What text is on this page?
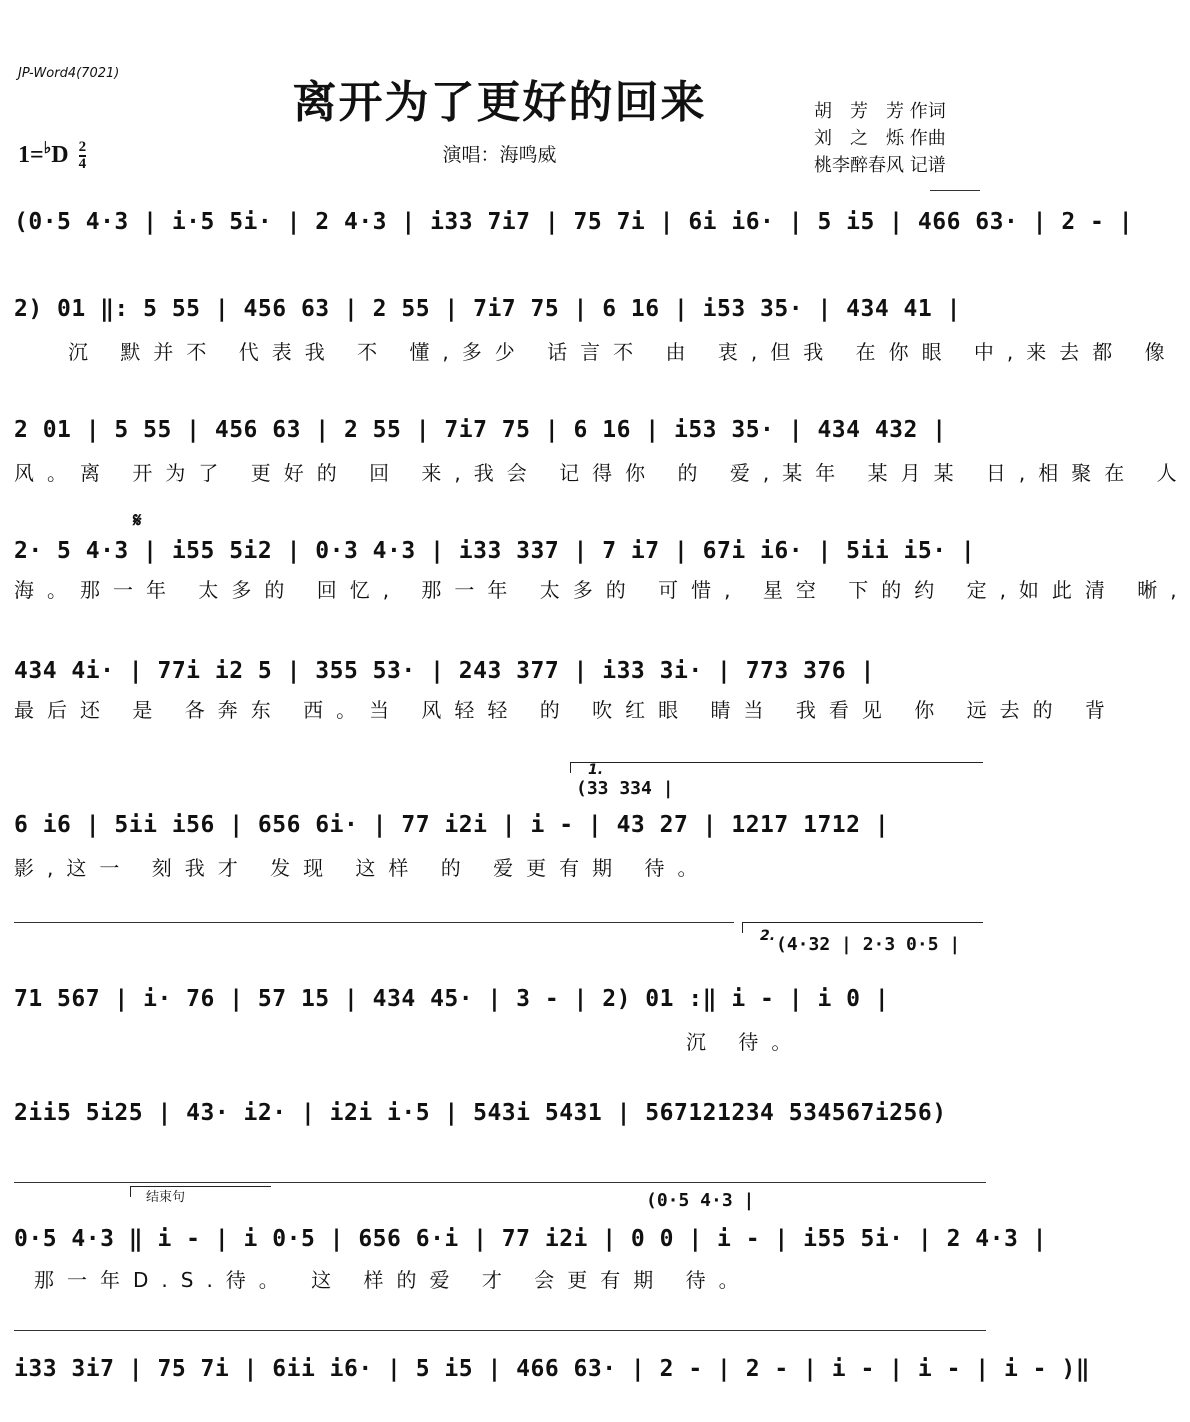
JP-Word4(7021)
离开为了更好的回来
$1=^♭D \frac{2}{4}$	演唱：海鸣威
胡　芳　芳 作词
刘　之　烁 作曲
桃李醉春风 记谱
(0·5 4·3 | i·5 5i· | 2 4·3 | i33 7i7 | 75 7i | 6i i6· | 5 i5 | 466 63· | 2 - |
2) 01 ‖: 5 55 | 456 63 | 2 55 | 7i7 75 | 6 16 | i53 35· | 434 41 |
沉 默并不 代表我 不 懂,多少 话言不 由 衷,但我 在你眼 中,来去都 像
2 01 | 5 55 | 456 63 | 2 55 | 7i7 75 | 6 16 | i53 35· | 434 432 |
风。离 开为了 更好的 回 来,我会 记得你 的 爱,某年 某月某 日,相聚在 人
𝄋
2· 5 4·3 | i55 5i2 | 0·3 4·3 | i33 337 | 7 i7 | 67i i6· | 5ii i5· |
海。那一年 太多的 回忆, 那一年 太多的 可惜, 星空 下的约 定,如此清 晰,
434 4i· | 77i i2 5 | 355 53· | 243 377 | i33 3i· | 773 376 |
最后还 是 各奔东 西。当 风轻轻 的 吹红眼 睛当 我看见 你 远去的 背
1.
(33 334 |
6 i6 | 5ii i56 | 656 6i· | 77 i2i | i - | 43 27 | 1217 1712 |
影,这一 刻我才 发现 这样 的 爱更有期 待。
2. (4·32 | 2·3 0·5 |
71 567 | i· 76 | 57 15 | 434 45· | 3 - | 2) 01 :‖ i - | i 0 |
沉 待。
2ii5 5i25 | 43· i2· | i2i i·5 | 543i 5431 | 567121234 534567i256)
结束句	(0·5 4·3 |
0·5 4·3 ‖ i - | i 0·5 | 656 6·i | 77 i2i | 0 0 | i - | i55 5i· | 2 4·3 |
那一年D.S.待。 这 样的爱 才 会更有期 待。
i33 3i7 | 75 7i | 6ii i6· | 5 i5 | 466 63· | 2 - | 2 - | i - | i - | i - )‖
